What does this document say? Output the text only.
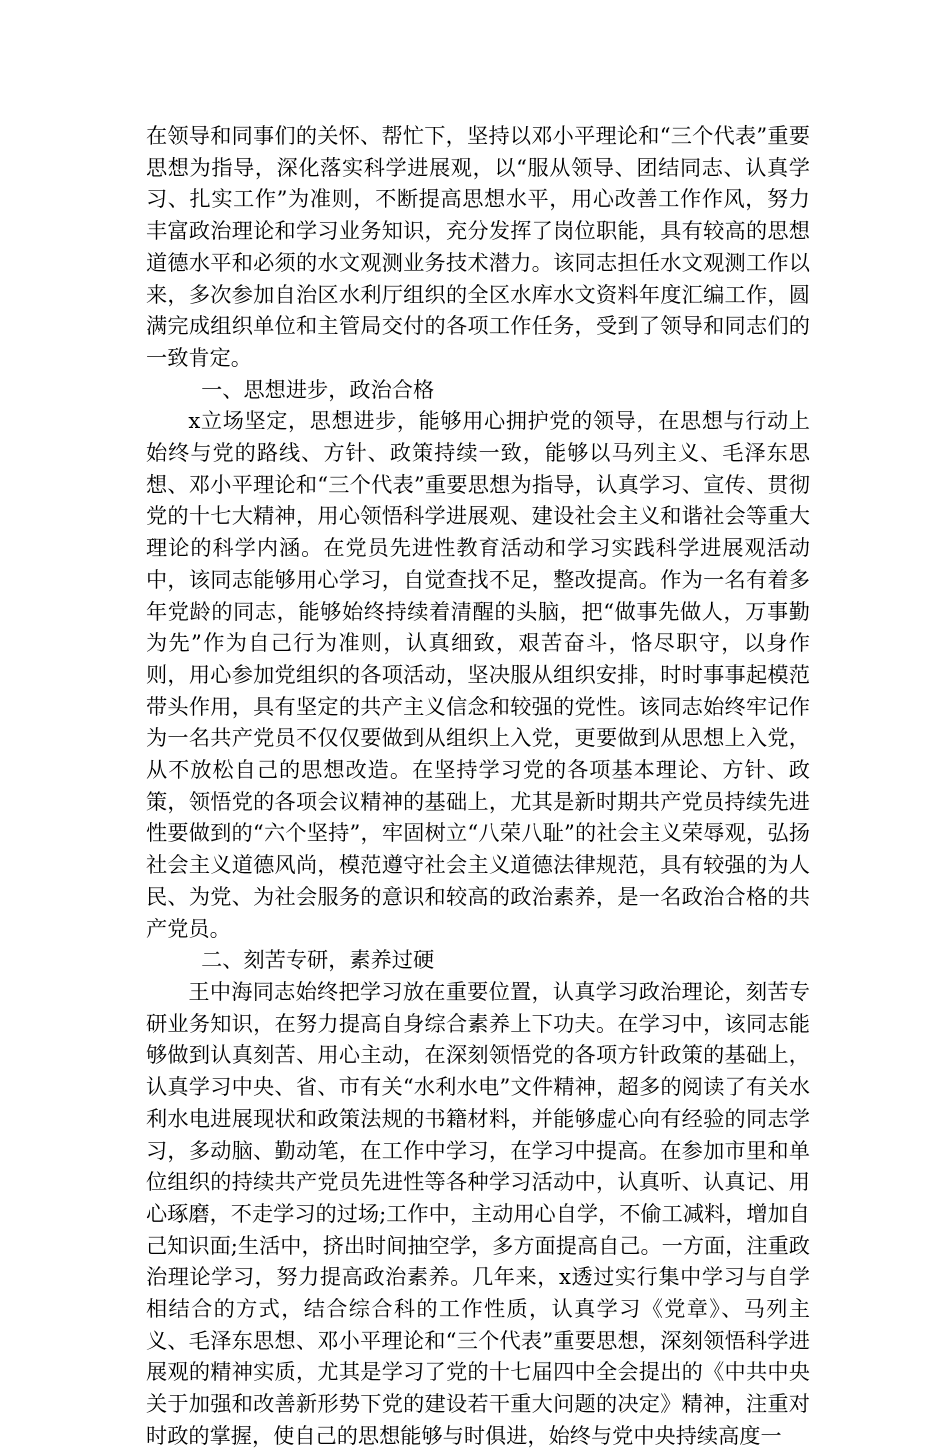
在领导和同事们的关怀、帮忙下，坚持以邓小平理论和“三个代表”重要思想为指导，深化落实科学进展观，以“服从领导、团结同志、认真学习、扎实工作”为准则，不断提高思想水平，用心改善工作作风，努力丰富政治理论和学习业务知识，充分发挥了岗位职能，具有较高的思想道德水平和必须的水文观测业务技术潜力。该同志担任水文观测工作以来，多次参加自治区水利厅组织的全区水库水文资料年度汇编工作，圆满完成组织单位和主管局交付的各项工作任务，受到了领导和同志们的一致肯定。

一、思想进步，政治合格

x立场坚定，思想进步，能够用心拥护党的领导，在思想与行动上始终与党的路线、方针、政策持续一致，能够以马列主义、毛泽东思想、邓小平理论和“三个代表”重要思想为指导，认真学习、宣传、贯彻党的十七大精神，用心领悟科学进展观、建设社会主义和谐社会等重大理论的科学内涵。在党员先进性教育活动和学习实践科学进展观活动中，该同志能够用心学习，自觉查找不足，整改提高。作为一名有着多年党龄的同志，能够始终持续着清醒的头脑，把“做事先做人，万事勤为先”作为自己行为准则，认真细致，艰苦奋斗，恪尽职守，以身作则，用心参加党组织的各项活动，坚决服从组织安排，时时事事起模范带头作用，具有坚定的共产主义信念和较强的党性。该同志始终牢记作为一名共产党员不仅仅要做到从组织上入党，更要做到从思想上入党，从不放松自己的思想改造。在坚持学习党的各项基本理论、方针、政策，领悟党的各项会议精神的基础上，尤其是新时期共产党员持续先进性要做到的“六个坚持”，牢固树立“八荣八耻”的社会主义荣辱观，弘扬社会主义道德风尚，模范遵守社会主义道德法律规范，具有较强的为人民、为党、为社会服务的意识和较高的政治素养，是一名政治合格的共产党员。

二、刻苦专研，素养过硬

王中海同志始终把学习放在重要位置，认真学习政治理论，刻苦专研业务知识，在努力提高自身综合素养上下功夫。在学习中，该同志能够做到认真刻苦、用心主动，在深刻领悟党的各项方针政策的基础上，认真学习中央、省、市有关“水利水电”文件精神，超多的阅读了有关水利水电进展现状和政策法规的书籍材料，并能够虚心向有经验的同志学习，多动脑、勤动笔，在工作中学习，在学习中提高。在参加市里和单位组织的持续共产党员先进性等各种学习活动中，认真听、认真记、用心琢磨，不走学习的过场;工作中，主动用心自学，不偷工减料，增加自己知识面;生活中，挤出时间抽空学，多方面提高自己。一方面，注重政治理论学习，努力提高政治素养。几年来，x透过实行集中学习与自学相结合的方式，结合综合科的工作性质，认真学习《党章》、马列主义、毛泽东思想、邓小平理论和“三个代表”重要思想，深刻领悟科学进展观的精神实质，尤其是学习了党的十七届四中全会提出的《中共中央关于加强和改善新形势下党的建设若干重大问题的决定》精神，注重对时政的掌握，使自己的思想能够与时俱进，始终与党中央持续高度一
